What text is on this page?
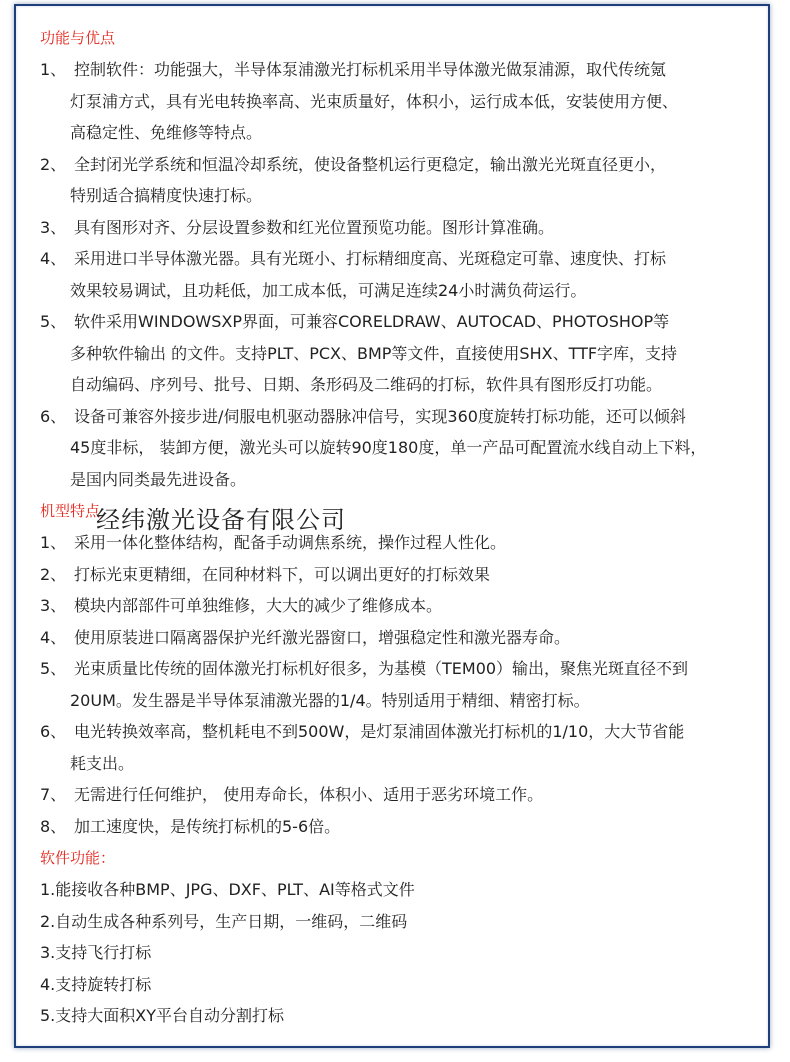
功能与优点
1、 控制软件：功能强大，半导体泵浦激光打标机采用半导体激光做泵浦源，取代传统氪
灯泵浦方式，具有光电转换率高、光束质量好，体积小，运行成本低，安装使用方便、
高稳定性、免维修等特点。
2、 全封闭光学系统和恒温冷却系统，使设备整机运行更稳定，输出激光光斑直径更小，
特别适合搞精度快速打标。
3、 具有图形对齐、分层设置参数和红光位置预览功能。图形计算准确。
4、 采用进口半导体激光器。具有光斑小、打标精细度高、光斑稳定可靠、速度快、打标
效果较易调试，且功耗低，加工成本低，可满足连续24小时满负荷运行。
5、 软件采用WINDOWSXP界面，可兼容CORELDRAW、AUTOCAD、PHOTOSHOP等
多种软件输出 的文件。支持PLT、PCX、BMP等文件，直接使用SHX、TTF字库，支持
自动编码、序列号、批号、日期、条形码及二维码的打标，软件具有图形反打功能。
6、 设备可兼容外接步进/伺服电机驱动器脉冲信号，实现360度旋转打标功能，还可以倾斜
45度非标， 装卸方便，激光头可以旋转90度180度，单一产品可配置流水线自动上下料，
是国内同类最先进设备。
机型特点
1、 采用一体化整体结构，配备手动调焦系统，操作过程人性化。
2、 打标光束更精细，在同种材料下，可以调出更好的打标效果
3、 模块内部部件可单独维修，大大的减少了维修成本。
4、 使用原装进口隔离器保护光纤激光器窗口，增强稳定性和激光器寿命。
5、 光束质量比传统的固体激光打标机好很多，为基模（TEM00）输出，聚焦光斑直径不到
20UM。发生器是半导体泵浦激光器的1/4。特别适用于精细、精密打标。
6、 电光转换效率高，整机耗电不到500W，是灯泵浦固体激光打标机的1/10，大大节省能
耗支出。
7、 无需进行任何维护， 使用寿命长，体积小、适用于恶劣环境工作。
8、 加工速度快，是传统打标机的5-6倍。
软件功能：
1.能接收各种BMP、JPG、DXF、PLT、AI等格式文件
2.自动生成各种系列号，生产日期，一维码，二维码
3.支持飞行打标
4.支持旋转打标
5.支持大面积XY平台自动分割打标
经纬激光设备有限公司
